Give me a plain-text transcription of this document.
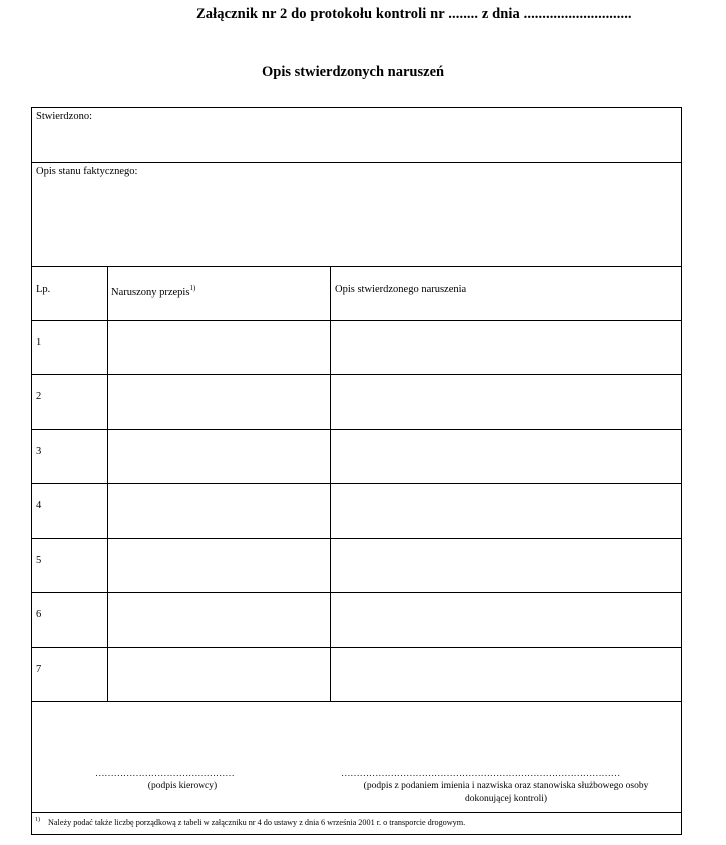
Załącznik nr 2 do protokołu kontroli nr ........ z dnia .............................
Opis stwierdzonych naruszeń
Stwierdzono:
Opis stanu faktycznego:
Lp.	Naruszony przepis$^{1)}$	Opis stwierdzonego naruszenia
1
2
3
4
5
6
7
………………………………………
(podpis kierowcy)
………………………………………………………………………………
(podpis z podaniem imienia i nazwiska oraz stanowiska służbowego osoby
dokonującej kontroli)
$^{1)}$ Należy podać także liczbę porządkową z tabeli w załączniku nr 4 do ustawy z dnia 6 września 2001 r. o transporcie drogowym.
